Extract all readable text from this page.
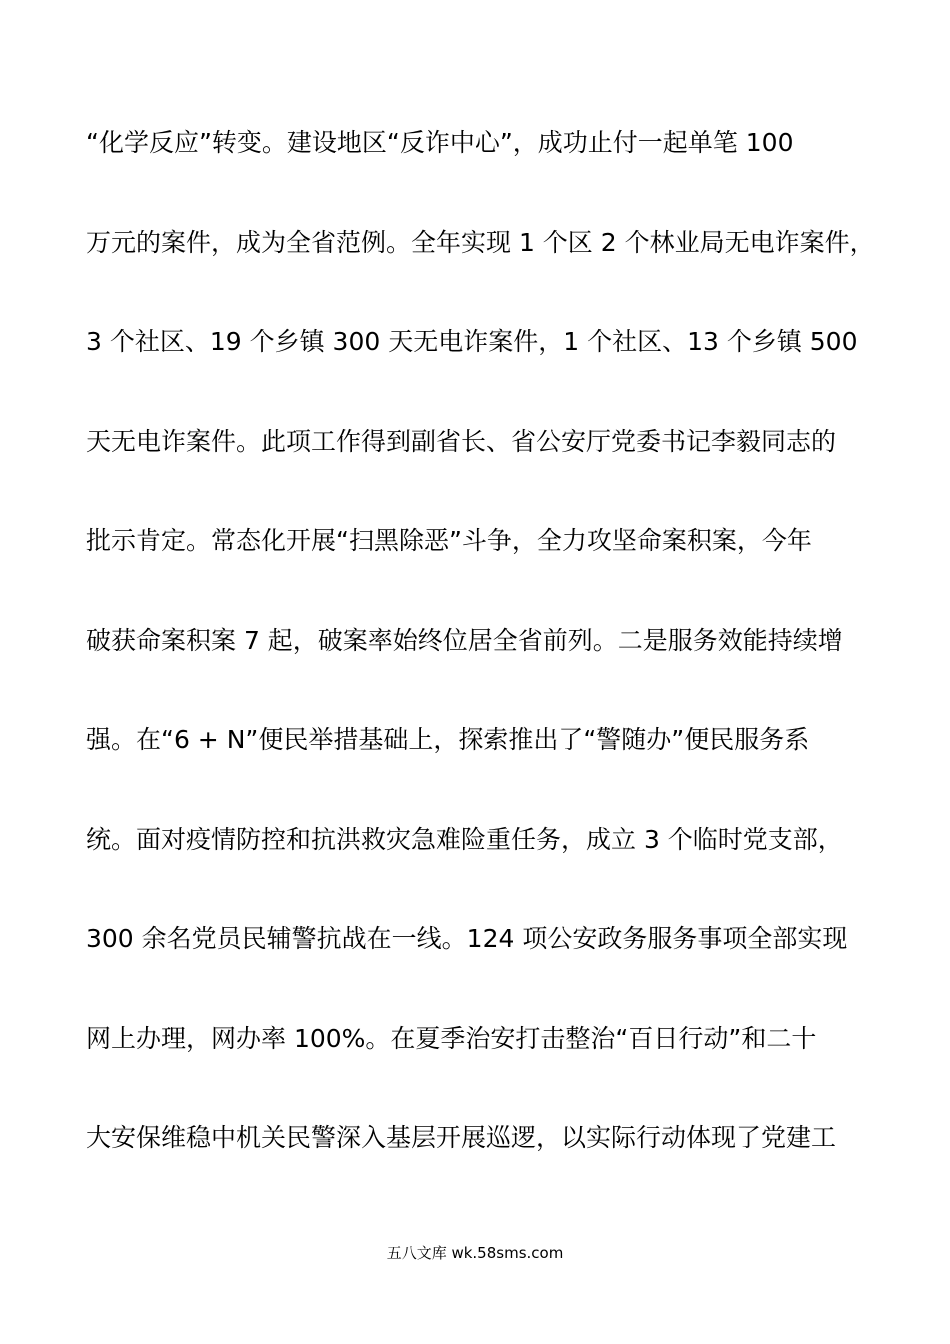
“化学反应”转变。建设地区“反诈中心”，成功止付一起单笔 100
万元的案件，成为全省范例。全年实现 1 个区 2 个林业局无电诈案件，
3 个社区、19 个乡镇 300 天无电诈案件，1 个社区、13 个乡镇 500
天无电诈案件。此项工作得到副省长、省公安厅党委书记李毅同志的
批示肯定。常态化开展“扫黑除恶”斗争，全力攻坚命案积案，今年
破获命案积案 7 起，破案率始终位居全省前列。二是服务效能持续增
强。在“6 + N”便民举措基础上，探索推出了“警随办”便民服务系
统。面对疫情防控和抗洪救灾急难险重任务，成立 3 个临时党支部，
300 余名党员民辅警抗战在一线。124 项公安政务服务事项全部实现
网上办理，网办率 100%。在夏季治安打击整治“百日行动”和二十
大安保维稳中机关民警深入基层开展巡逻，以实际行动体现了党建工
五八文库 wk.58sms.com
